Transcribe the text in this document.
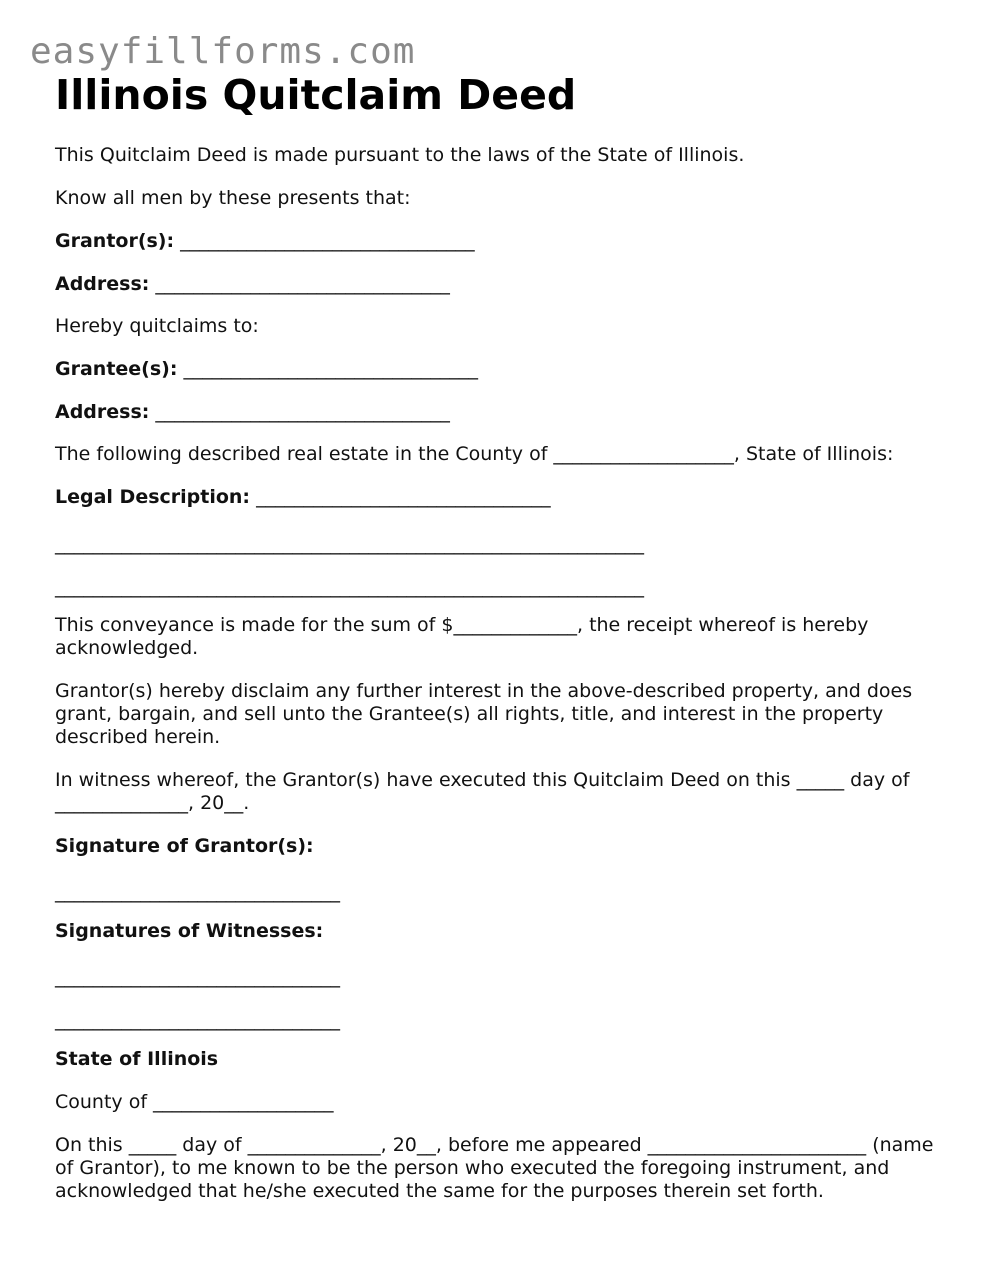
easyfillforms.com
Illinois Quitclaim Deed

This Quitclaim Deed is made pursuant to the laws of the State of Illinois.

Know all men by these presents that:

Grantor(s): _______________________________

Address: _______________________________

Hereby quitclaims to:

Grantee(s): _______________________________

Address: _______________________________

The following described real estate in the County of ___________________, State of Illinois:

Legal Description: _______________________________

______________________________________________________________

______________________________________________________________

This conveyance is made for the sum of $_____________, the receipt whereof is hereby acknowledged.

Grantor(s) hereby disclaim any further interest in the above-described property, and does grant, bargain, and sell unto the Grantee(s) all rights, title, and interest in the property described herein.

In witness whereof, the Grantor(s) have executed this Quitclaim Deed on this _____ day of ______________, 20__.

Signature of Grantor(s):

______________________________

Signatures of Witnesses:

______________________________

______________________________

State of Illinois

County of ___________________

On this _____ day of ______________, 20__, before me appeared _______________________ (name of Grantor), to me known to be the person who executed the foregoing instrument, and acknowledged that he/she executed the same for the purposes therein set forth.
